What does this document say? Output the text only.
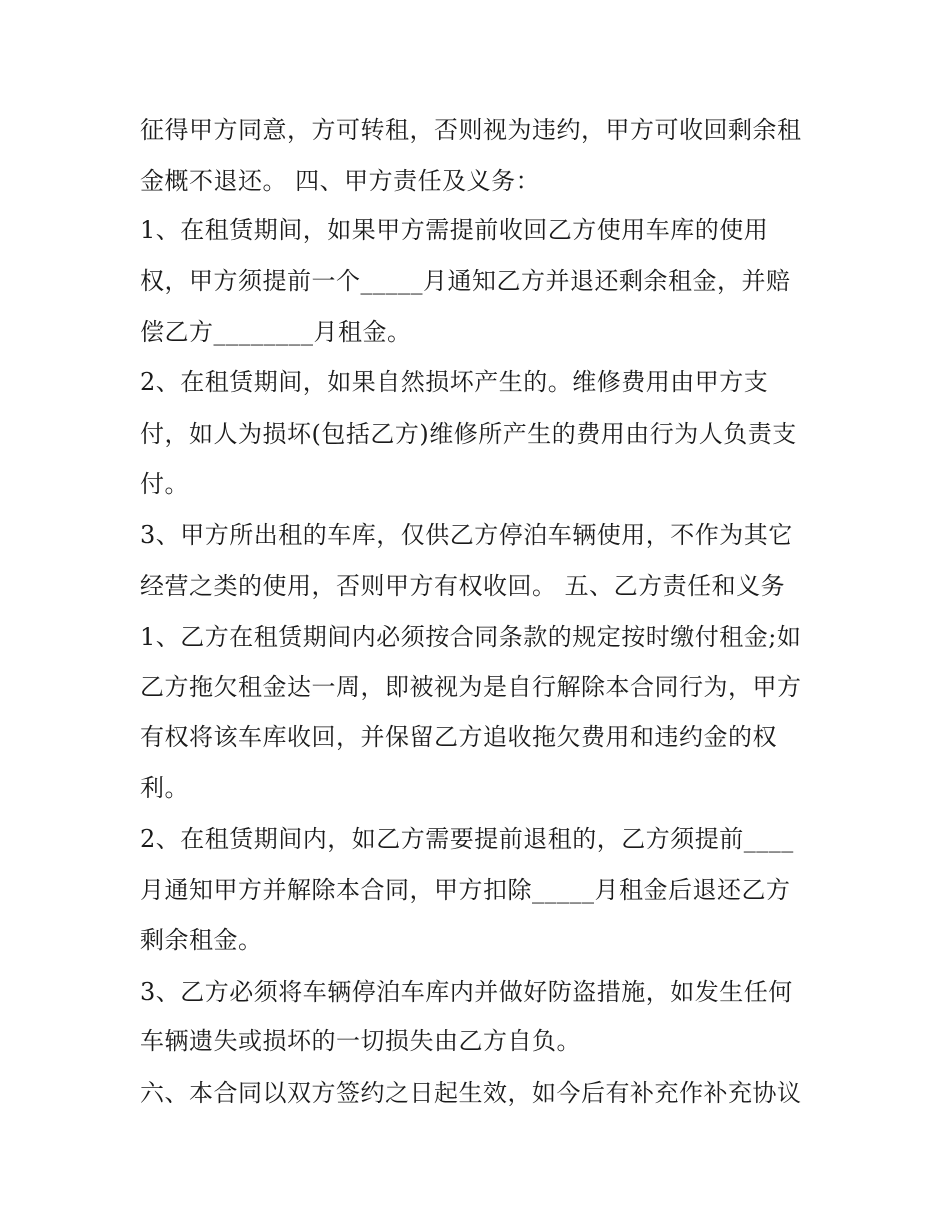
征得甲方同意，方可转租，否则视为违约，甲方可收回剩余租
金概不退还。 四、甲方责任及义务：
1、在租赁期间，如果甲方需提前收回乙方使用车库的使用
权，甲方须提前一个_____月通知乙方并退还剩余租金，并赔
偿乙方________月租金。
2、在租赁期间，如果自然损坏产生的。维修费用由甲方支
付，如人为损坏(包括乙方)维修所产生的费用由行为人负责支
付。
3、甲方所出租的车库，仅供乙方停泊车辆使用，不作为其它
经营之类的使用，否则甲方有权收回。 五、乙方责任和义务
1、乙方在租赁期间内必须按合同条款的规定按时缴付租金;如
乙方拖欠租金达一周，即被视为是自行解除本合同行为，甲方
有权将该车库收回，并保留乙方追收拖欠费用和违约金的权
利。
2、在租赁期间内，如乙方需要提前退租的，乙方须提前____
月通知甲方并解除本合同，甲方扣除_____月租金后退还乙方
剩余租金。
3、乙方必须将车辆停泊车库内并做好防盗措施，如发生任何
车辆遗失或损坏的一切损失由乙方自负。
六、本合同以双方签约之日起生效，如今后有补充作补充协议
